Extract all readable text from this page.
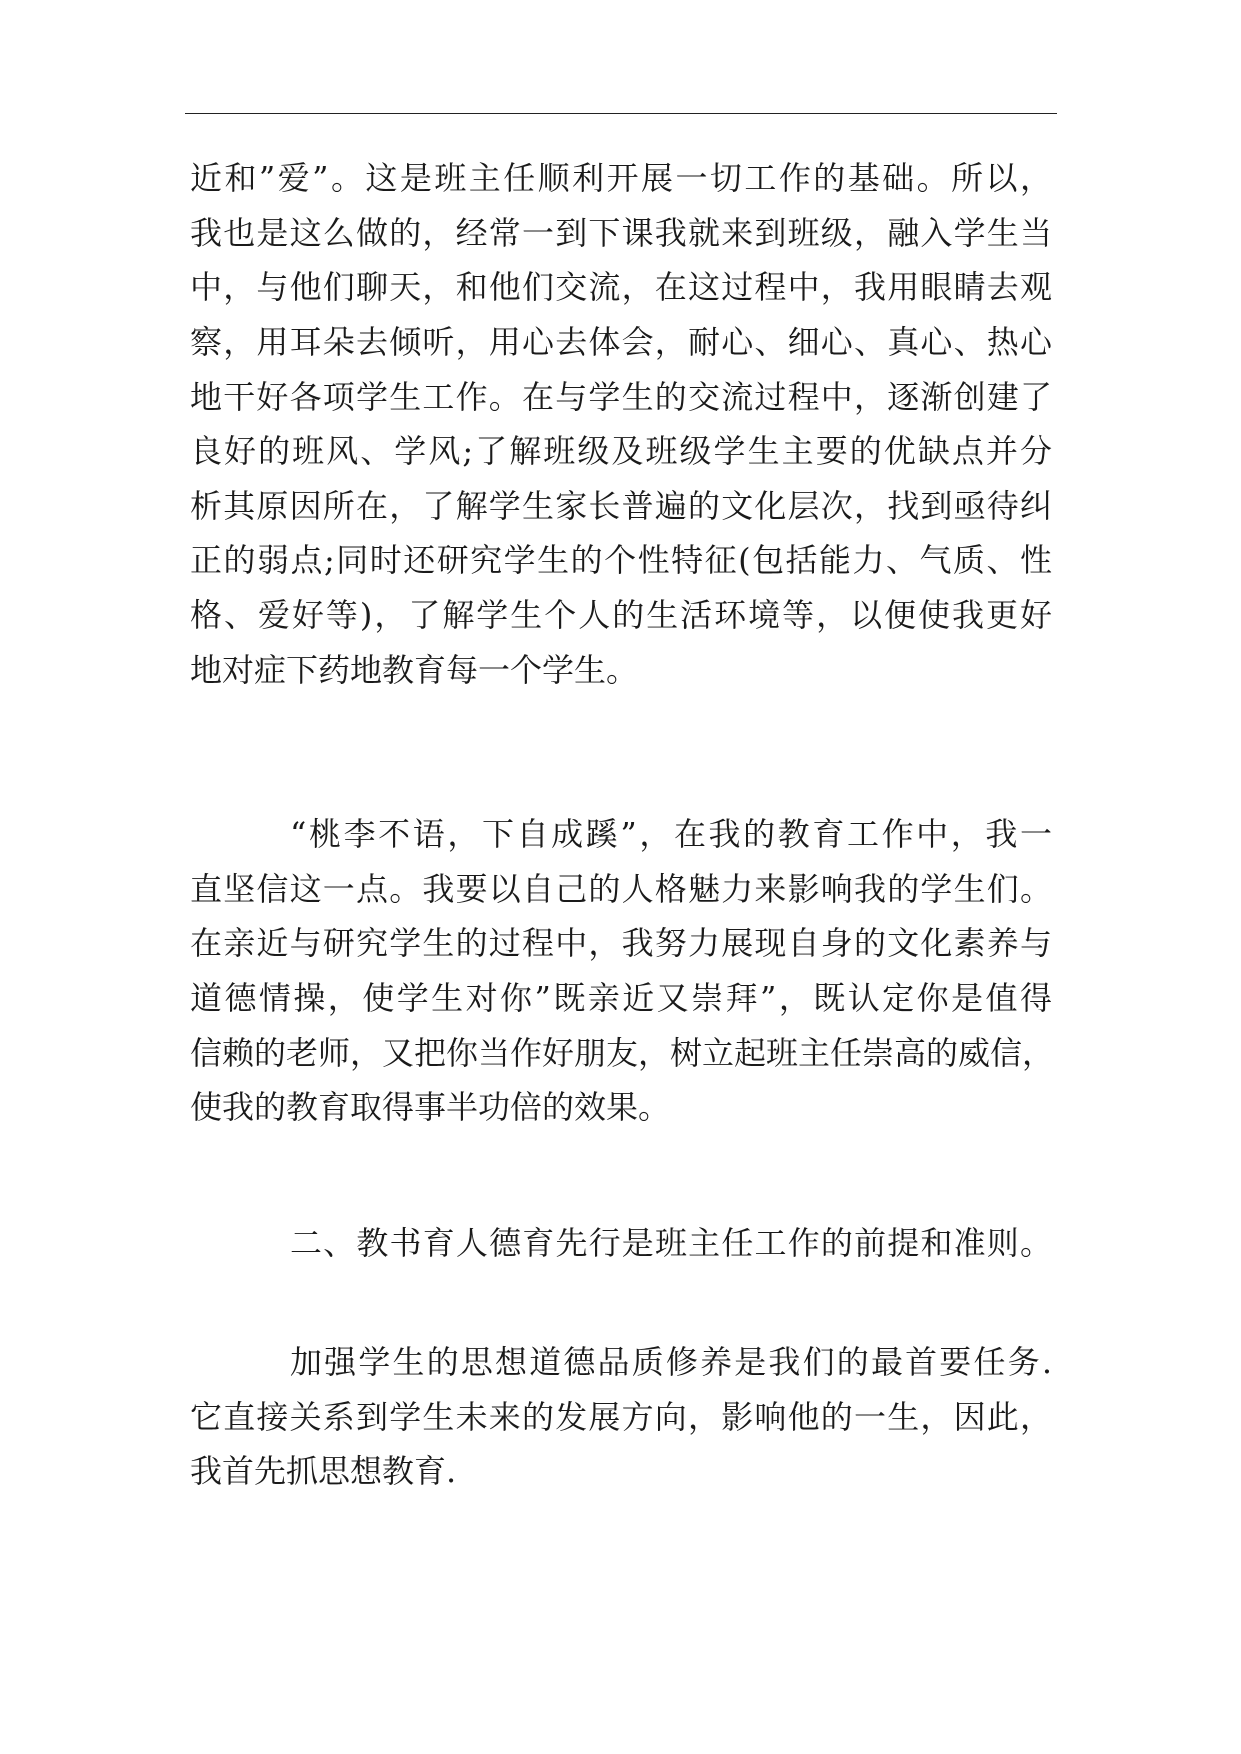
近和”爱”。这是班主任顺利开展一切工作的基础。所以，
我也是这么做的，经常一到下课我就来到班级，融入学生当
中，与他们聊天，和他们交流，在这过程中，我用眼睛去观
察，用耳朵去倾听，用心去体会，耐心、细心、真心、热心
地干好各项学生工作。在与学生的交流过程中，逐渐创建了
良好的班风、学风;了解班级及班级学生主要的优缺点并分
析其原因所在，了解学生家长普遍的文化层次，找到亟待纠
正的弱点;同时还研究学生的个性特征(包括能力、气质、性
格、爱好等)，了解学生个人的生活环境等，以便使我更好
地对症下药地教育每一个学生。
“桃李不语，下自成蹊”，在我的教育工作中，我一
直坚信这一点。我要以自己的人格魅力来影响我的学生们。
在亲近与研究学生的过程中，我努力展现自身的文化素养与
道德情操，使学生对你”既亲近又崇拜”，既认定你是值得
信赖的老师，又把你当作好朋友，树立起班主任崇高的威信，
使我的教育取得事半功倍的效果。
二、教书育人德育先行是班主任工作的前提和准则。
加强学生的思想道德品质修养是我们的最首要任务.
它直接关系到学生未来的发展方向，影响他的一生，因此，
我首先抓思想教育.
